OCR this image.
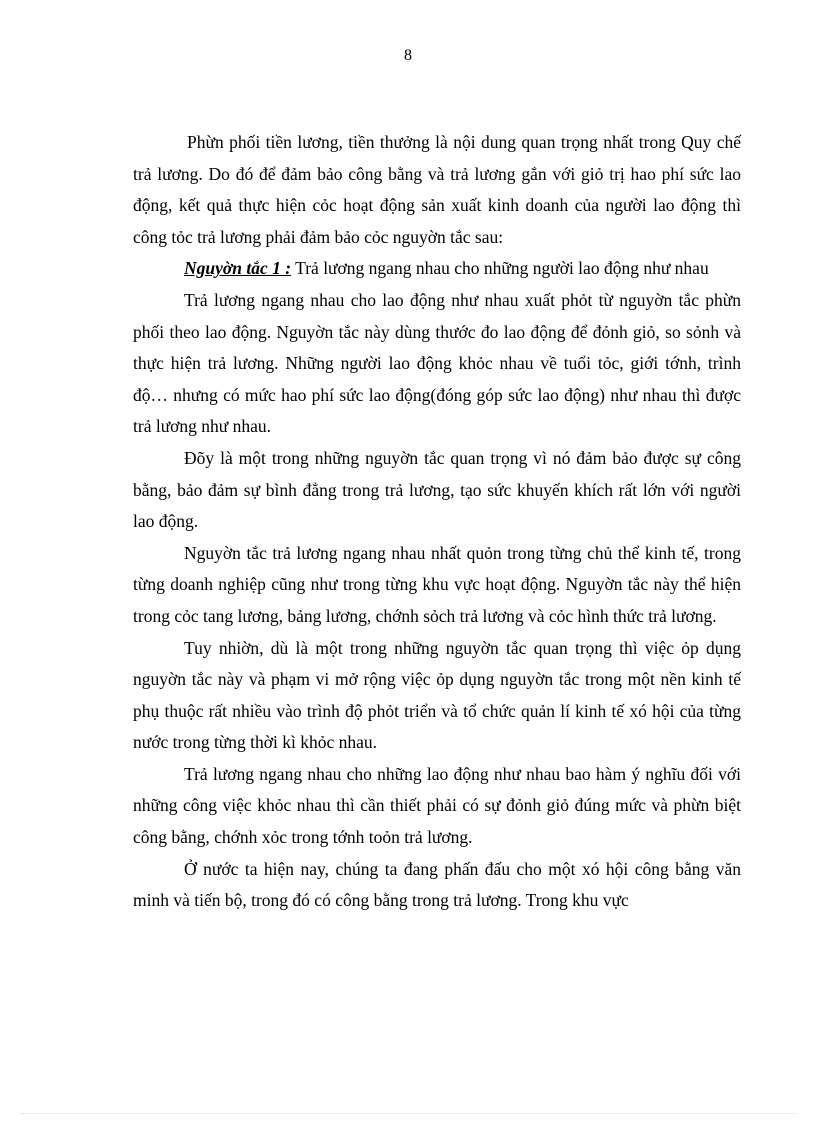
8

Phừn phối tiền lương, tiền thưởng là nội dung quan trọng nhất trong Quy chế trả lương. Do đó để đảm bảo công bằng và trả lương gắn với giỏ trị hao phí sức lao động, kết quả thực hiện cỏc hoạt động sản xuất kinh doanh của người lao động thì công tỏc trả lương phải đảm bảo cỏc nguyờn tắc sau:

Nguyờn tắc 1 : Trả lương ngang nhau cho những người lao động như nhau

Trả lương ngang nhau cho lao động như nhau xuất phỏt từ nguyờn tắc phừn phối theo lao động. Nguyờn tắc này dùng thước đo lao động để đỏnh giỏ, so sỏnh và thực hiện trả lương. Những người lao động khỏc nhau về tuổi tỏc, giới tớnh, trình độ… nhưng có mức hao phí sức lao động(đóng góp sức lao động) như nhau thì được trả lương như nhau.

Đõy là một trong những nguyờn tắc quan trọng vì nó đảm bảo được sự công bằng, bảo đảm sự bình đẳng trong trả lương, tạo sức khuyến khích rất lớn với người lao động.

Nguyờn tắc trả lương ngang nhau nhất quỏn trong từng chủ thể kinh tế, trong từng doanh nghiệp cũng như trong từng khu vực hoạt động. Nguyờn tắc này thể hiện trong cỏc tang lương, bảng lương, chớnh sỏch trả lương và cỏc hình thức trả lương.

Tuy nhiờn, dù là một trong những nguyờn tắc quan trọng thì việc ỏp dụng nguyờn tắc này và phạm vi mở rộng việc ỏp dụng nguyờn tắc trong một nền kinh tế phụ thuộc rất nhiều vào trình độ phỏt triển và tổ chức quản lí kinh tế xó hội của từng nước trong từng thời kì khỏc nhau.

Trả lương ngang nhau cho những lao động như nhau bao hàm ý nghĩu đối với những công việc khỏc nhau thì cần thiết phải có sự đỏnh giỏ đúng mức và phừn biệt công bằng, chớnh xỏc trong tớnh toỏn trả lương.

Ở nước ta hiện nay, chúng ta đang phấn đấu cho một xó hội công bằng văn minh và tiến bộ, trong đó có công bằng trong trả lương. Trong khu vực
